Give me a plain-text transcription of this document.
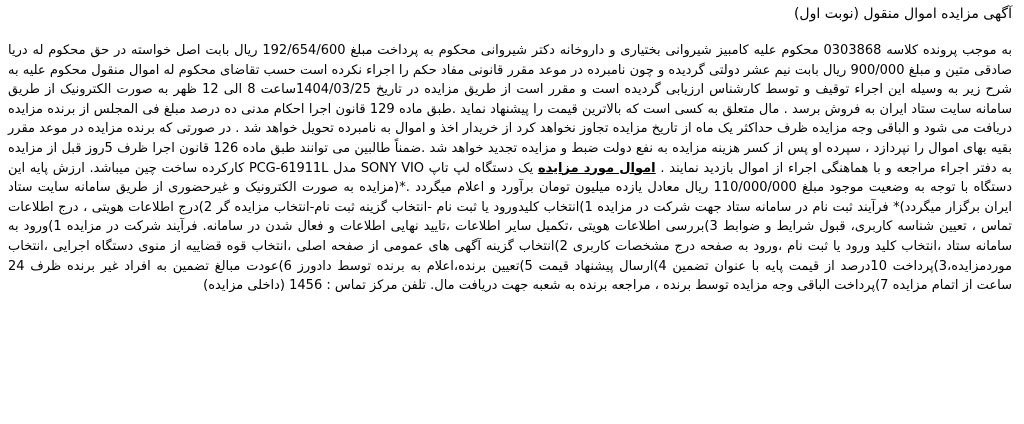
آگهی مزایده اموال منقول (نوبت اول)

به موجب پرونده کلاسه 0303868 محکوم علیه کامبیز شیروانی بختیاری و داروخانه دکتر شیروانی محکوم به پرداخت مبلغ 192/654/600 ریال بابت اصل خواسته در حق محکوم له دریا صادقی متین و مبلغ 900/000 ریال بابت نیم عشر دولتی گردیده و چون نامبرده در موعد مقرر قانونی مفاد حکم را اجراء نکرده است حسب تقاضای محکوم له اموال منقول محکوم علیه به شرح زیر به وسیله این اجراء توقیف و توسط کارشناس ارزیابی گردیده است و مقرر است از طریق مزایده در تاریخ 1404/03/25ساعت 8 الی 12 ظهر به صورت الکترونیک از طریق سامانه سایت ستاد ایران به فروش برسد . مال متعلق به کسی است که بالاترین قیمت را پیشنهاد نماید .طبق ماده 129 قانون اجرا احکام مدنی ده درصد مبلغ فی المجلس از برنده مزایده دریافت می شود و الباقی وجه مزایده ظرف حداکثر یک ماه از تاریخ مزایده تجاوز نخواهد کرد از خریدار اخذ و اموال به نامبرده تحویل خواهد شد . در صورتی که برنده مزایده در موعد مقرر بقیه بهای اموال را نپردازد ، سپرده او پس از کسر هزینه مزایده به نفع دولت ضبط و مزایده تجدید خواهد شد .ضمناً طالبین می توانند طبق ماده 126 قانون اجرا ظرف 5روز قبل از مزایده به دفتر اجراء مراجعه و با هماهنگی اجراء از اموال بازدید نمایند . اموال مورد مزایده یک دستگاه لپ تاپ SONY VIO مدل PCG-61911L کارکرده ساخت چین میباشد. ارزش پایه این دستگاه با توجه به وضعیت موجود مبلغ 110/000/000 ریال معادل یازده میلیون تومان برآورد و اعلام میگردد .*(مزایده به صورت الکترونیک و غیرحضوری از طریق سامانه سایت ستاد ایران برگزار میگردد)* فرآیند ثبت نام در سامانه ستاد جهت شرکت در مزایده 1)انتخاب کلیدورود یا ثبت نام -انتخاب گزینه ثبت نام-انتخاب مزایده گر 2)درج اطلاعات هویتی ، درج اطلاعات تماس ، تعیین شناسه کاربری، قبول شرایط و ضوابط 3)بررسی اطلاعات هویتی ،تکمیل سایر اطلاعات ،تایید نهایی اطلاعات و فعال شدن در سامانه. فرآیند شرکت در مزایده 1)ورود به سامانه ستاد ،انتخاب کلید ورود یا ثبت نام ،ورود به صفحه درج مشخصات کاربری 2)انتخاب گزینه آگهی های عمومی از صفحه اصلی ،انتخاب قوه قضاییه از منوی دستگاه اجرایی ،انتخاب موردمزایده،3)پرداخت 10درصد از قیمت پایه با عنوان تضمین 4)ارسال پیشنهاد قیمت 5)تعیین برنده،اعلام به برنده توسط دادورز 6)عودت مبالغ تضمین به افراد غیر برنده ظرف 24 ساعت از اتمام مزایده 7)پرداخت الباقی وجه مزایده توسط برنده ، مراجعه برنده به شعبه جهت دریافت مال. تلفن مرکز تماس : 1456 (داخلی مزایده)
